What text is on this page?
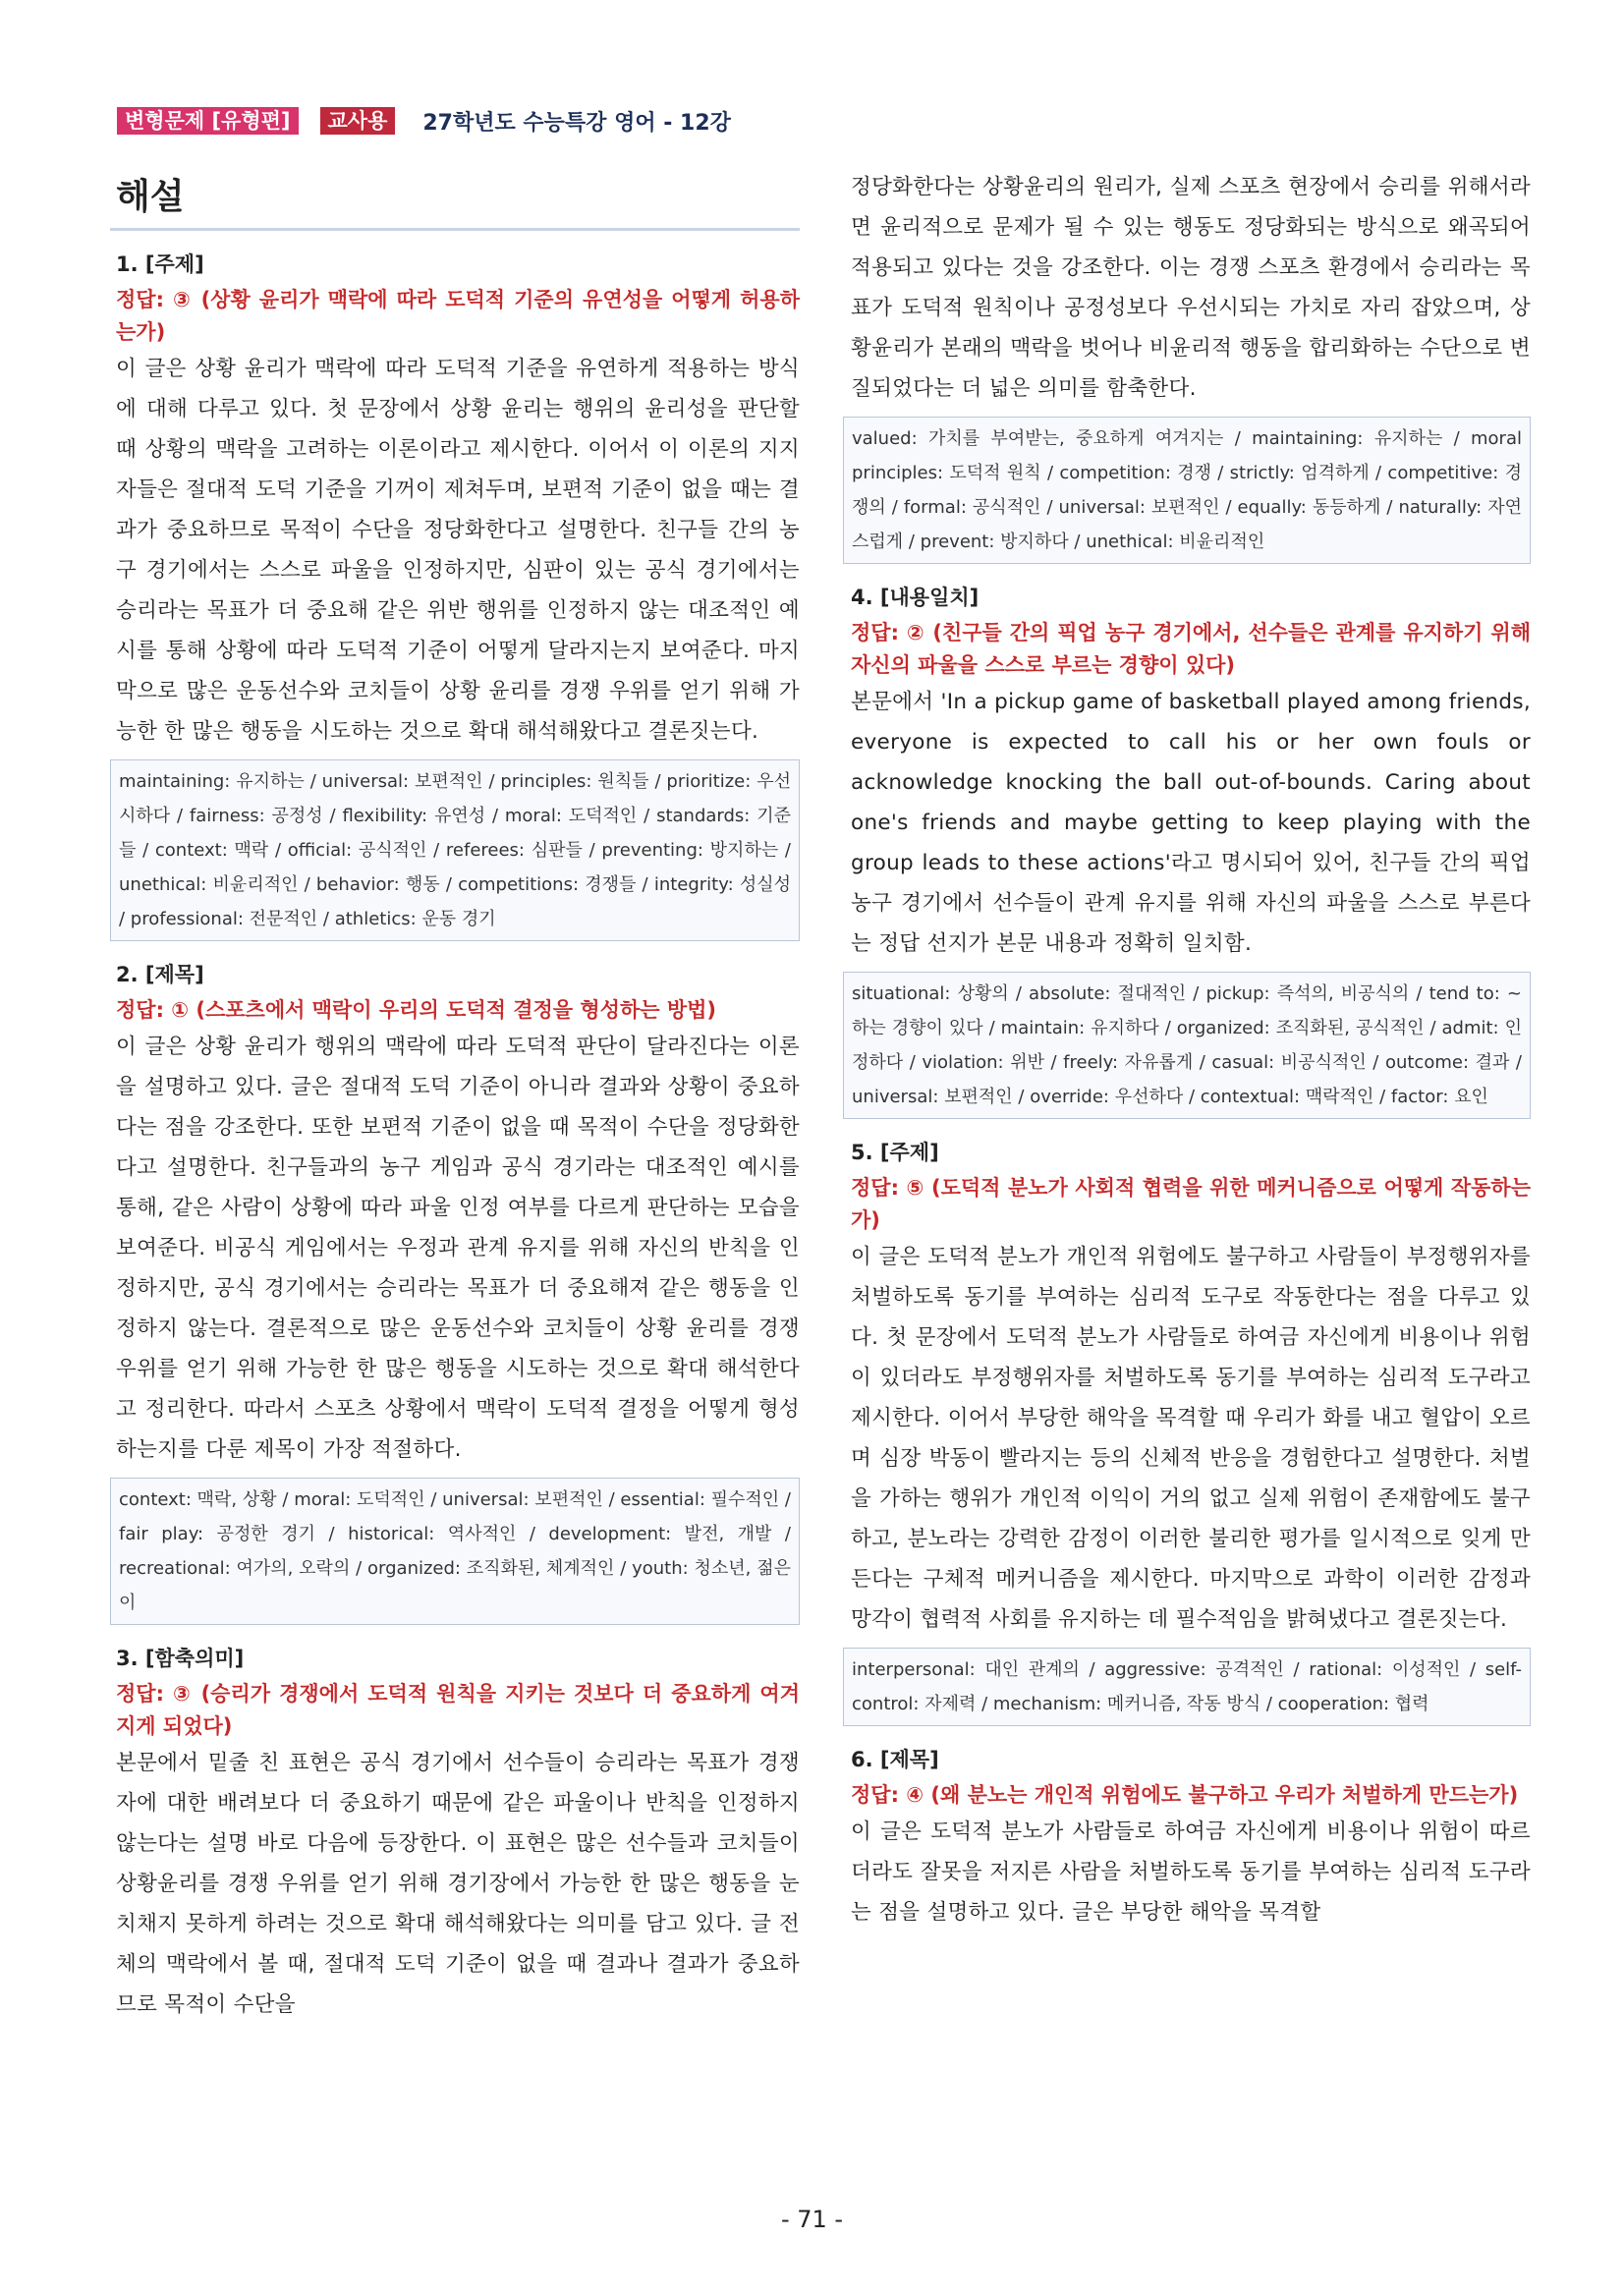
변형문제 [유형편]	교사용	27학년도 수능특강 영어 - 12강
해설
1. [주제]
정답: ③ (상황 윤리가 맥락에 따라 도덕적 기준의 유연성을 어떻게 허용하는가)
이 글은 상황 윤리가 맥락에 따라 도덕적 기준을 유연하게 적용하는 방식에 대해 다루고 있다. 첫 문장에서 상황 윤리는 행위의 윤리성을 판단할 때 상황의 맥락을 고려하는 이론이라고 제시한다. 이어서 이 이론의 지지자들은 절대적 도덕 기준을 기꺼이 제쳐두며, 보편적 기준이 없을 때는 결과가 중요하므로 목적이 수단을 정당화한다고 설명한다. 친구들 간의 농구 경기에서는 스스로 파울을 인정하지만, 심판이 있는 공식 경기에서는 승리라는 목표가 더 중요해 같은 위반 행위를 인정하지 않는 대조적인 예시를 통해 상황에 따라 도덕적 기준이 어떻게 달라지는지 보여준다. 마지막으로 많은 운동선수와 코치들이 상황 윤리를 경쟁 우위를 얻기 위해 가능한 한 많은 행동을 시도하는 것으로 확대 해석해왔다고 결론짓는다.
maintaining: 유지하는 / universal: 보편적인 / principles: 원칙들 / prioritize: 우선시하다 / fairness: 공정성 / flexibility: 유연성 / moral: 도덕적인 / standards: 기준들 / context: 맥락 / official: 공식적인 / referees: 심판들 / preventing: 방지하는 / unethical: 비윤리적인 / behavior: 행동 / competitions: 경쟁들 / integrity: 성실성 / professional: 전문적인 / athletics: 운동 경기
2. [제목]
정답: ① (스포츠에서 맥락이 우리의 도덕적 결정을 형성하는 방법)
이 글은 상황 윤리가 행위의 맥락에 따라 도덕적 판단이 달라진다는 이론을 설명하고 있다. 글은 절대적 도덕 기준이 아니라 결과와 상황이 중요하다는 점을 강조한다. 또한 보편적 기준이 없을 때 목적이 수단을 정당화한다고 설명한다. 친구들과의 농구 게임과 공식 경기라는 대조적인 예시를 통해, 같은 사람이 상황에 따라 파울 인정 여부를 다르게 판단하는 모습을 보여준다. 비공식 게임에서는 우정과 관계 유지를 위해 자신의 반칙을 인정하지만, 공식 경기에서는 승리라는 목표가 더 중요해져 같은 행동을 인정하지 않는다. 결론적으로 많은 운동선수와 코치들이 상황 윤리를 경쟁 우위를 얻기 위해 가능한 한 많은 행동을 시도하는 것으로 확대 해석한다고 정리한다. 따라서 스포츠 상황에서 맥락이 도덕적 결정을 어떻게 형성하는지를 다룬 제목이 가장 적절하다.
context: 맥락, 상황 / moral: 도덕적인 / universal: 보편적인 / essential: 필수적인 / fair play: 공정한 경기 / historical: 역사적인 / development: 발전, 개발 / recreational: 여가의, 오락의 / organized: 조직화된, 체계적인 / youth: 청소년, 젊은이
3. [함축의미]
정답: ③ (승리가 경쟁에서 도덕적 원칙을 지키는 것보다 더 중요하게 여겨지게 되었다)
본문에서 밑줄 친 표현은 공식 경기에서 선수들이 승리라는 목표가 경쟁자에 대한 배려보다 더 중요하기 때문에 같은 파울이나 반칙을 인정하지 않는다는 설명 바로 다음에 등장한다. 이 표현은 많은 선수들과 코치들이 상황윤리를 경쟁 우위를 얻기 위해 경기장에서 가능한 한 많은 행동을 눈치채지 못하게 하려는 것으로 확대 해석해왔다는 의미를 담고 있다. 글 전체의 맥락에서 볼 때, 절대적 도덕 기준이 없을 때 결과나 결과가 중요하므로 목적이 수단을
정당화한다는 상황윤리의 원리가, 실제 스포츠 현장에서 승리를 위해서라면 윤리적으로 문제가 될 수 있는 행동도 정당화되는 방식으로 왜곡되어 적용되고 있다는 것을 강조한다. 이는 경쟁 스포츠 환경에서 승리라는 목표가 도덕적 원칙이나 공정성보다 우선시되는 가치로 자리 잡았으며, 상황윤리가 본래의 맥락을 벗어나 비윤리적 행동을 합리화하는 수단으로 변질되었다는 더 넓은 의미를 함축한다.
valued: 가치를 부여받는, 중요하게 여겨지는 / maintaining: 유지하는 / moral principles: 도덕적 원칙 / competition: 경쟁 / strictly: 엄격하게 / competitive: 경쟁의 / formal: 공식적인 / universal: 보편적인 / equally: 동등하게 / naturally: 자연스럽게 / prevent: 방지하다 / unethical: 비윤리적인
4. [내용일치]
정답: ② (친구들 간의 픽업 농구 경기에서, 선수들은 관계를 유지하기 위해 자신의 파울을 스스로 부르는 경향이 있다)
본문에서 'In a pickup game of basketball played among friends, everyone is expected to call his or her own fouls or acknowledge knocking the ball out-of-bounds. Caring about one's friends and maybe getting to keep playing with the group leads to these actions'라고 명시되어 있어, 친구들 간의 픽업 농구 경기에서 선수들이 관계 유지를 위해 자신의 파울을 스스로 부른다는 정답 선지가 본문 내용과 정확히 일치함.
situational: 상황의 / absolute: 절대적인 / pickup: 즉석의, 비공식의 / tend to: ~하는 경향이 있다 / maintain: 유지하다 / organized: 조직화된, 공식적인 / admit: 인정하다 / violation: 위반 / freely: 자유롭게 / casual: 비공식적인 / outcome: 결과 / universal: 보편적인 / override: 우선하다 / contextual: 맥락적인 / factor: 요인
5. [주제]
정답: ⑤ (도덕적 분노가 사회적 협력을 위한 메커니즘으로 어떻게 작동하는가)
이 글은 도덕적 분노가 개인적 위험에도 불구하고 사람들이 부정행위자를 처벌하도록 동기를 부여하는 심리적 도구로 작동한다는 점을 다루고 있다. 첫 문장에서 도덕적 분노가 사람들로 하여금 자신에게 비용이나 위험이 있더라도 부정행위자를 처벌하도록 동기를 부여하는 심리적 도구라고 제시한다. 이어서 부당한 해악을 목격할 때 우리가 화를 내고 혈압이 오르며 심장 박동이 빨라지는 등의 신체적 반응을 경험한다고 설명한다. 처벌을 가하는 행위가 개인적 이익이 거의 없고 실제 위험이 존재함에도 불구하고, 분노라는 강력한 감정이 이러한 불리한 평가를 일시적으로 잊게 만든다는 구체적 메커니즘을 제시한다. 마지막으로 과학이 이러한 감정과 망각이 협력적 사회를 유지하는 데 필수적임을 밝혀냈다고 결론짓는다.
interpersonal: 대인 관계의 / aggressive: 공격적인 / rational: 이성적인 / self-control: 자제력 / mechanism: 메커니즘, 작동 방식 / cooperation: 협력
6. [제목]
정답: ④ (왜 분노는 개인적 위험에도 불구하고 우리가 처벌하게 만드는가)
이 글은 도덕적 분노가 사람들로 하여금 자신에게 비용이나 위험이 따르더라도 잘못을 저지른 사람을 처벌하도록 동기를 부여하는 심리적 도구라는 점을 설명하고 있다. 글은 부당한 해악을 목격할
- 71 -
